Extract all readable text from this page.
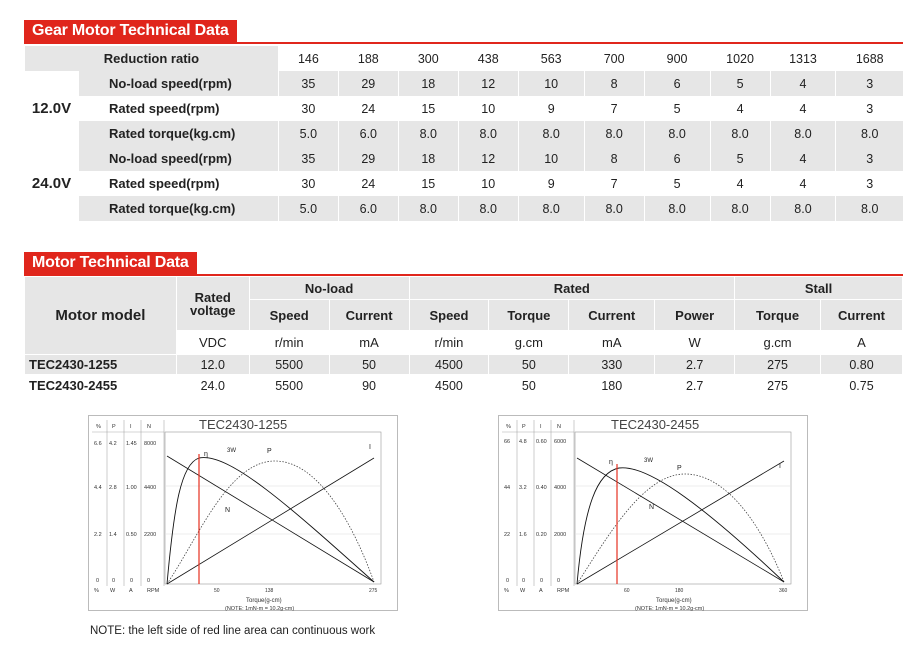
Gear Motor Technical Data
Reduction ratio		146	188	300	438	563	700	900	1020	1313	1688
12.0V	No-load speed(rpm)	35	29	18	12	10	8	6	5	4	3
	Rated speed(rpm)	30	24	15	10	9	7	5	4	4	3
	Rated torque(kg.cm)	5.0	6.0	8.0	8.0	8.0	8.0	8.0	8.0	8.0	8.0
24.0V	No-load speed(rpm)	35	29	18	12	10	8	6	5	4	3
	Rated speed(rpm)	30	24	15	10	9	7	5	4	4	3
	Rated torque(kg.cm)	5.0	6.0	8.0	8.0	8.0	8.0	8.0	8.0	8.0	8.0
Motor Technical Data
Motor model	Rated voltage	No-load		Rated				Stall	
		Speed	Current	Speed	Torque	Current	Power	Torque	Current
	VDC	r/min	mA	r/min	g.cm	mA	W	g.cm	A
TEC2430-1255	12.0	5500	50	4500	50	330	2.7	275	0.80
TEC2430-2455	24.0	5500	90	4500	50	180	2.7	275	0.75
% P	I	N
6.6 4.2 1.45 8000
4.4 2.8 1.00 4400
2.2 1.4 0.50 2200
0 0	0	0
% W	A	RPM
TEC2430-1255
η	3W	P
I
N
50	138	275
Torque(g-cm)
(NOTE: 1mN-m = 10.2g-cm)
% P	I	N
66 4.8 0.60 6000
44 3.2 0.40 4000
22 1.6 0.20 2000
0 0	0	0
% W	A	RPM
TEC2430-2455
η	3W
P	I
N
60	180	360
Torque(g-cm)
(NOTE: 1mN-m = 10.2g-cm)
NOTE: the left side of red line area can continuous work
